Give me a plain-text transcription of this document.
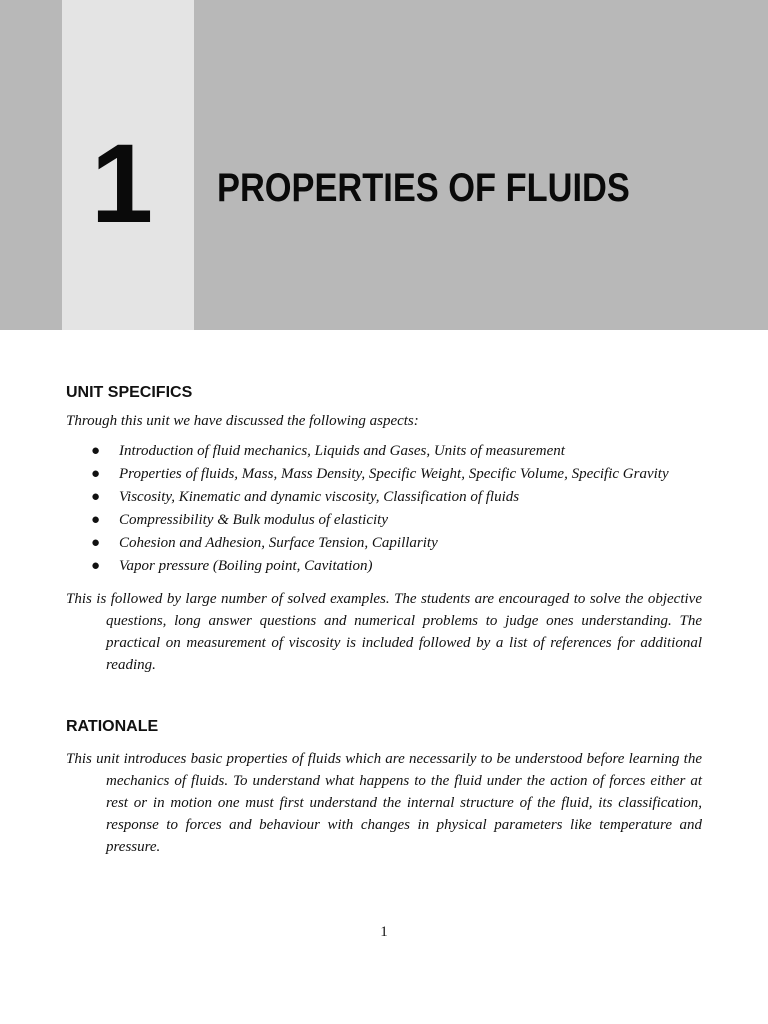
1	PROPERTIES OF FLUIDS
UNIT SPECIFICS

Through this unit we have discussed the following aspects:

● Introduction of fluid mechanics, Liquids and Gases, Units of measurement
● Properties of fluids, Mass, Mass Density, Specific Weight, Specific Volume, Specific Gravity
● Viscosity, Kinematic and dynamic viscosity, Classification of fluids
● Compressibility & Bulk modulus of elasticity
● Cohesion and Adhesion, Surface Tension, Capillarity
● Vapor pressure (Boiling point, Cavitation)

This is followed by large number of solved examples. The students are encouraged to solve the objective questions, long answer questions and numerical problems to judge ones understanding. The practical on measurement of viscosity is included followed by a list of references for additional reading.

RATIONALE

This unit introduces basic properties of fluids which are necessarily to be understood before learning the mechanics of fluids. To understand what happens to the fluid under the action of forces either at rest or in motion one must first understand the internal structure of the fluid, its classification, response to forces and behaviour with changes in physical parameters like temperature and pressure.

1
